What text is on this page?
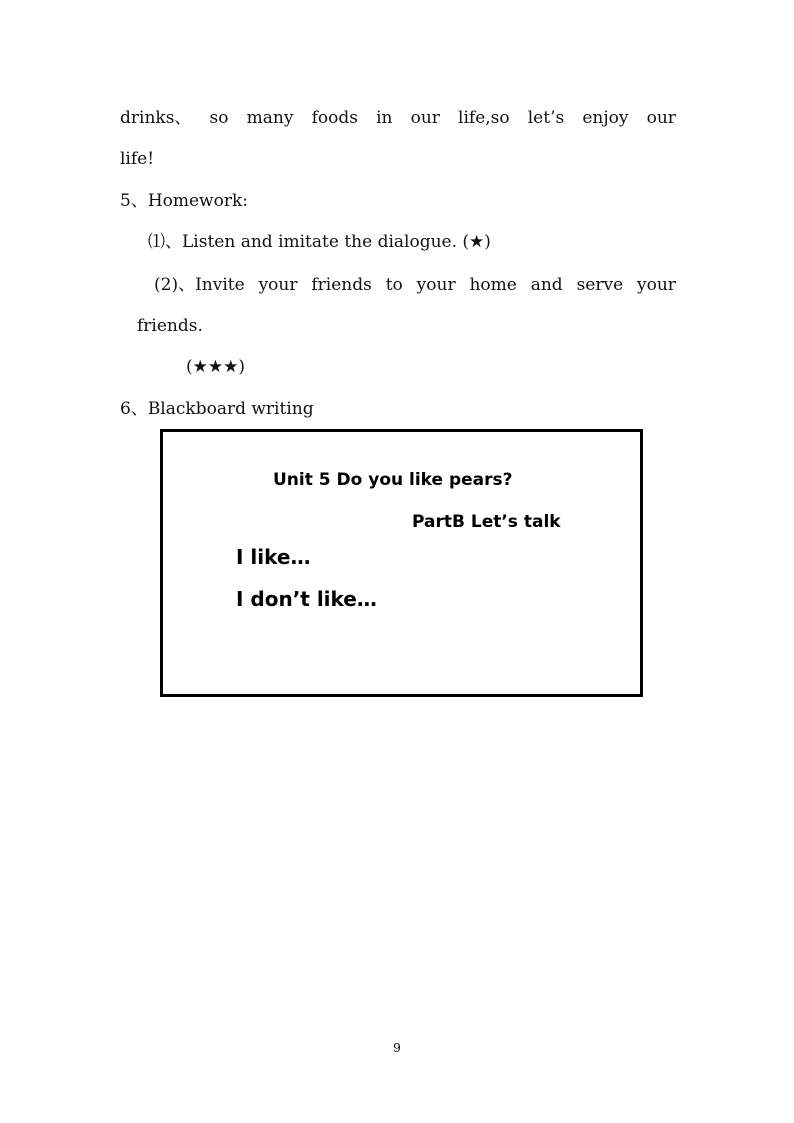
drinks、 so many foods in our life,so let’s enjoy our
life!
5、Homework:
⑴、Listen and imitate the dialogue. (★)
(2)、Invite your friends to your home and serve your
friends.
(★★★)
6、Blackboard writing
Unit 5 Do you like pears?
PartB Let’s talk
I like…
I don’t like…
9
